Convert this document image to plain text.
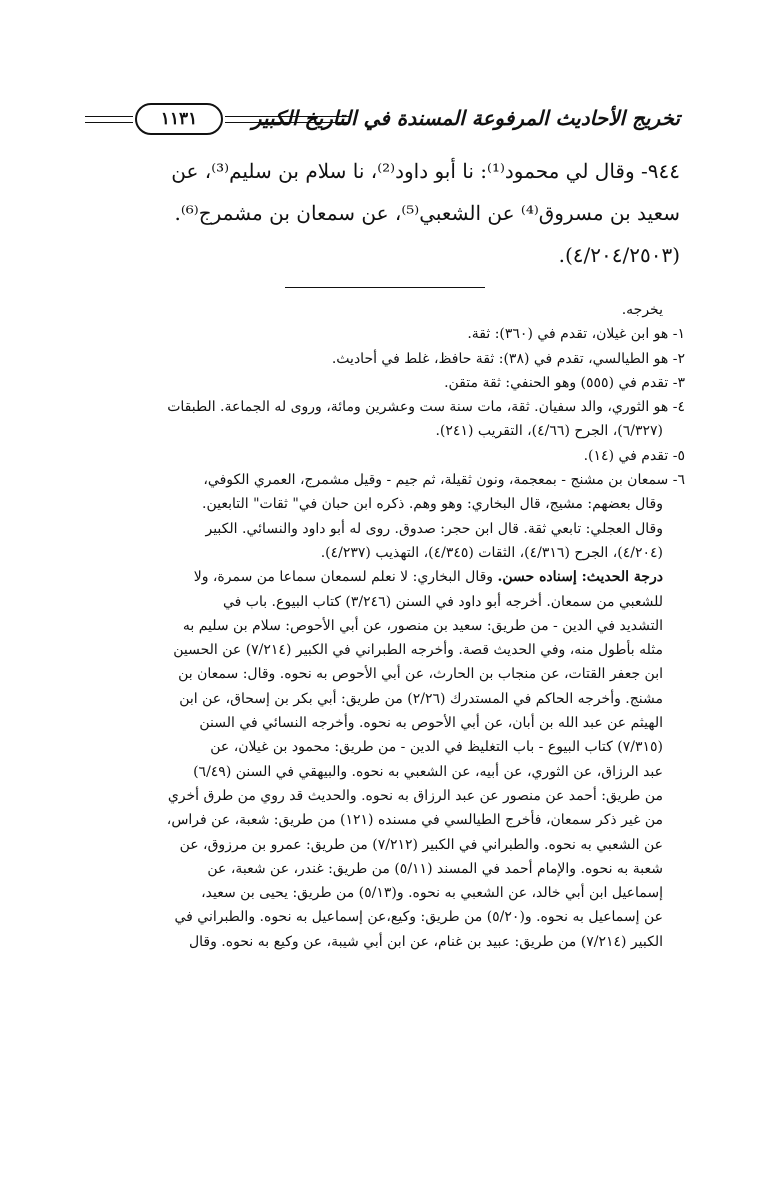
تخريج الأحاديث المرفوعة المسندة في التاريخ الكبير
١١٣١

٩٤٤- وقال لي محمود⁽¹⁾: نا أبو داود⁽²⁾، نا سلام بن سليم⁽³⁾، عن

سعيد بن مسروق⁽⁴⁾ عن الشعبي⁽⁵⁾، عن سمعان بن مشمرج⁽⁶⁾.

(٤/٢٠٤/٢٥٠٣).

يخرجه.

١- هو ابن غيلان، تقدم في (٣٦٠): ثقة.

٢- هو الطيالسي، تقدم في (٣٨): ثقة حافظ، غلط في أحاديث.

٣- تقدم في (٥٥٥) وهو الحنفي: ثقة متقن.

٤- هو الثوري، والد سفيان. ثقة، مات سنة ست وعشرين ومائة، وروى له الجماعة. الطبقات

(٦/٣٢٧)، الجرح (٤/٦٦)، التقريب (٢٤١).

٥- تقدم في (١٤).

٦- سمعان بن مشنج - بمعجمة، ونون ثقيلة، ثم جيم - وقيل مشمرج، العمري الكوفي،

وقال بعضهم: مشيج، قال البخاري: وهو وهم. ذكره ابن حبان في" ثقات" التابعين.

وقال العجلي: تابعي ثقة. قال ابن حجر: صدوق. روى له أبو داود والنسائي. الكبير

(٤/٢٠٤)، الجرح (٤/٣١٦)، الثقات (٤/٣٤٥)، التهذيب (٤/٢٣٧).

درجة الحديث: إسناده حسن. وقال البخاري: لا نعلم لسمعان سماعا من سمرة، ولا

للشعبي من سمعان. أخرجه أبو داود في السنن (٣/٢٤٦) كتاب البيوع. باب في

التشديد في الدين - من طريق: سعيد بن منصور، عن أبي الأحوص: سلام بن سليم به

مثله بأطول منه، وفي الحديث قصة. وأخرجه الطبراني في الكبير (٧/٢١٤) عن الحسين

ابن جعفر القتات، عن منجاب بن الحارث، عن أبي الأحوص به نحوه. وقال: سمعان بن

مشنج. وأخرجه الحاكم في المستدرك (٢/٢٦) من طريق: أبي بكر بن إسحاق، عن ابن

الهيثم عن عبد الله بن أبان، عن أبي الأحوص به نحوه. وأخرجه النسائي في السنن

(٧/٣١٥) كتاب البيوع - باب التغليظ في الدين - من طريق: محمود بن غيلان، عن

عبد الرزاق، عن الثوري، عن أبيه، عن الشعبي به نحوه. والبيهقي في السنن (٦/٤٩)

من طريق: أحمد عن منصور عن عبد الرزاق به نحوه. والحديث قد روي من طرق أخري

من غير ذكر سمعان، فأخرج الطيالسي في مسنده (١٢١) من طريق: شعبة، عن فراس،

عن الشعبي به نحوه. والطبراني في الكبير (٧/٢١٢) من طريق: عمرو بن مرزوق، عن

شعبة به نحوه. والإمام أحمد في المسند (٥/١١) من طريق: غندر، عن شعبة، عن

إسماعيل ابن أبي خالد، عن الشعبي به نحوه. و(٥/١٣) من طريق: يحيى بن سعيد،

عن إسماعيل به نحوه. و(٥/٢٠) من طريق: وكيع،عن إسماعيل به نحوه. والطبراني في

الكبير (٧/٢١٤) من طريق: عبيد بن غنام، عن ابن أبي شيبة، عن وكيع به نحوه. وقال
